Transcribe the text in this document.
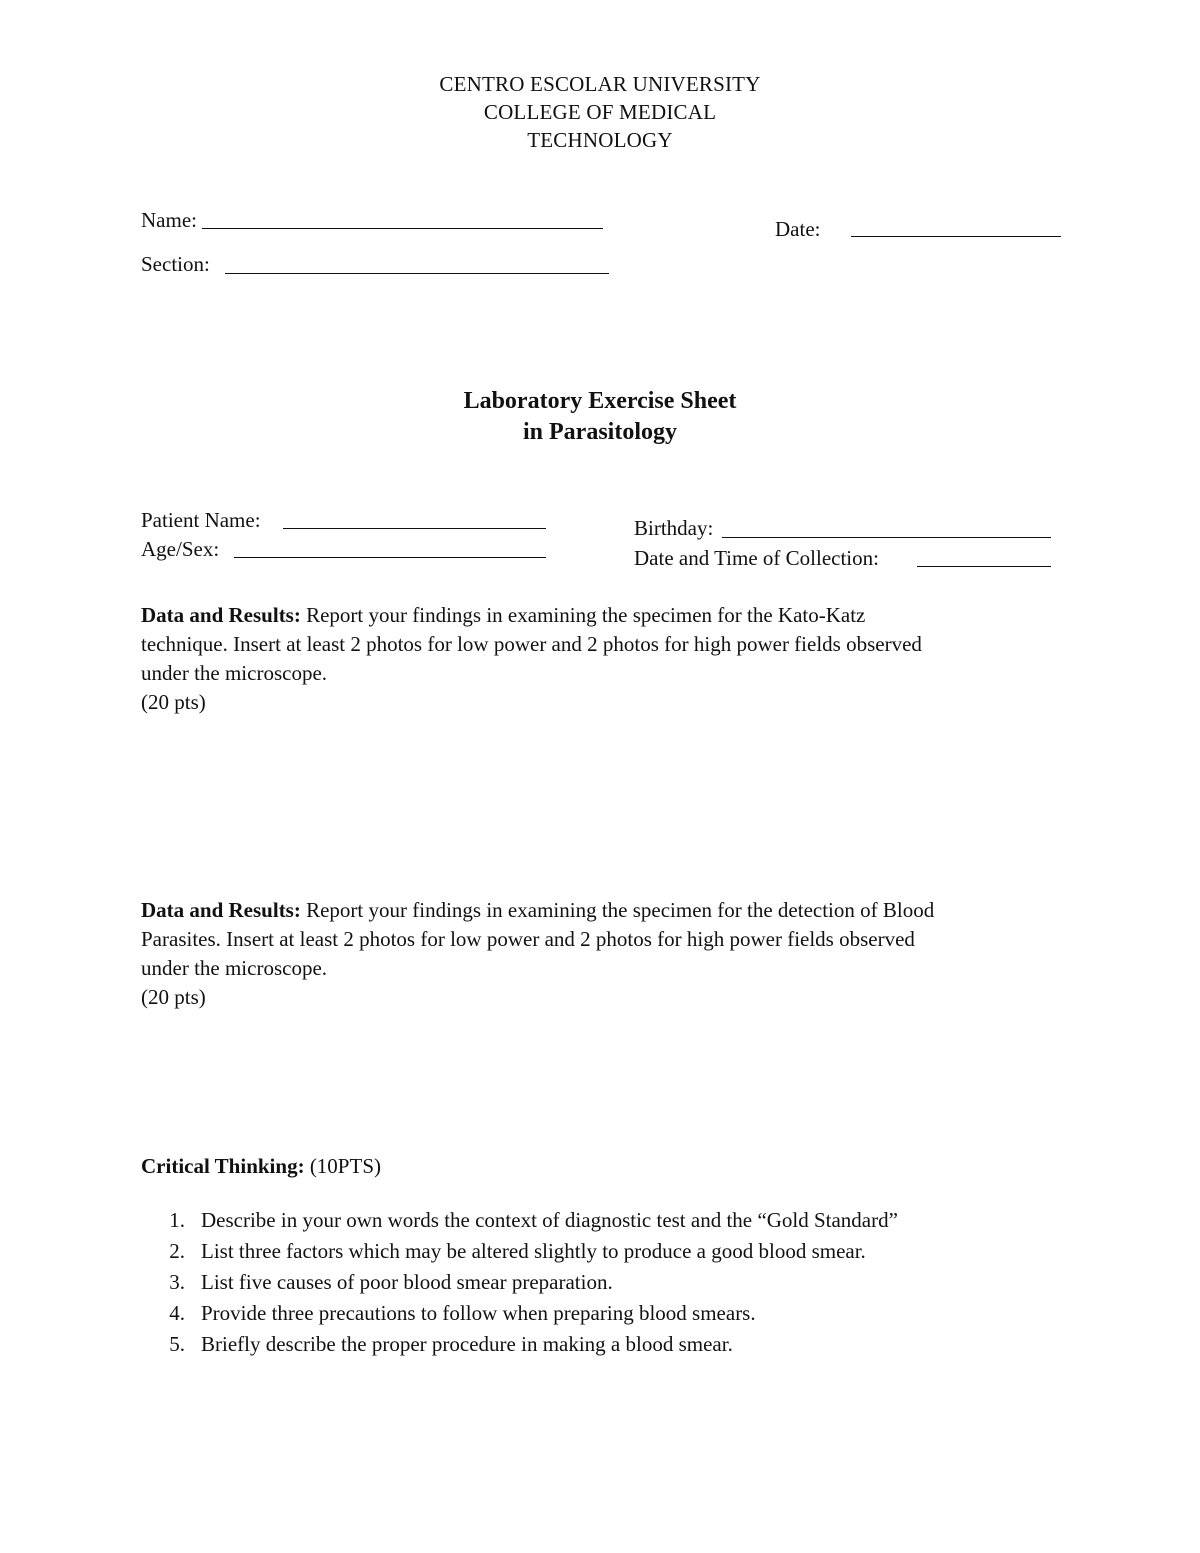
CENTRO ESCOLAR UNIVERSITY
COLLEGE OF MEDICAL
TECHNOLOGY
Name:	Date:
Section:
Laboratory Exercise Sheet
in Parasitology
Patient Name:
Age/Sex:
Birthday:
Date and Time of Collection:
Data and Results: Report your findings in examining the specimen for the Kato-Katz
technique. Insert at least 2 photos for low power and 2 photos for high power fields observed
under the microscope.
(20 pts)
Data and Results: Report your findings in examining the specimen for the detection of Blood
Parasites. Insert at least 2 photos for low power and 2 photos for high power fields observed
under the microscope.
(20 pts)
Critical Thinking: (10PTS)
1. Describe in your own words the context of diagnostic test and the “Gold Standard”
2. List three factors which may be altered slightly to produce a good blood smear.
3. List five causes of poor blood smear preparation.
4. Provide three precautions to follow when preparing blood smears.
5. Briefly describe the proper procedure in making a blood smear.
